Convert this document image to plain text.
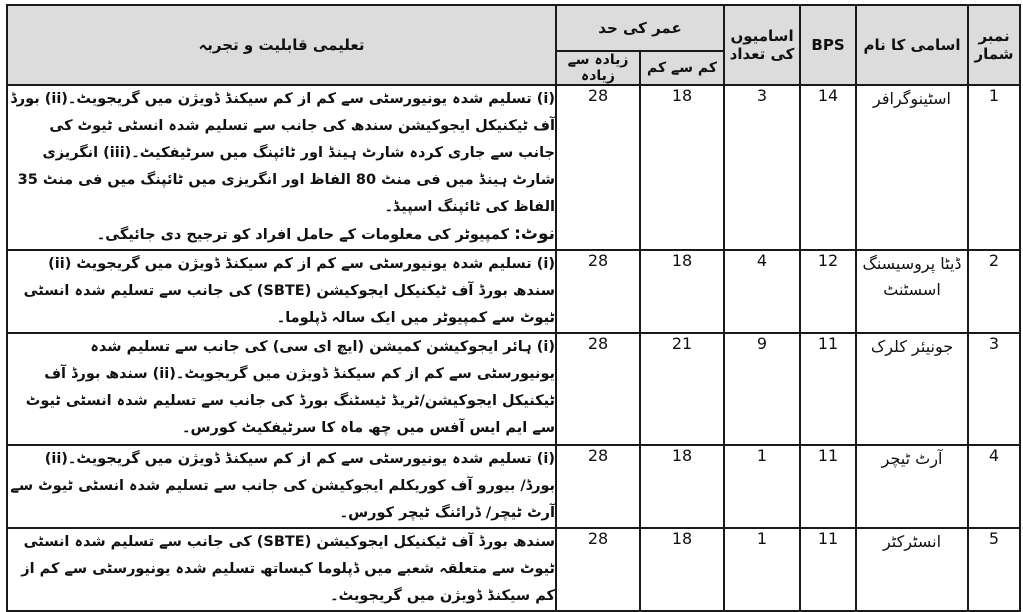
نمبر شمار	اسامی کا نام	BPS	اسامیوں کی تعداد	عمر کی حد		تعلیمی قابلیت و تجربہ
				کم سے کم	زیادہ سے زیادہ	
1	اسٹینوگرافر	14	3	18	28	(i) تسلیم شدہ یونیورسٹی سے کم از کم سیکنڈ ڈویژن میں گریجویٹ۔(ii) بورڈ آف ٹیکنیکل ایجوکیشن سندھ کی جانب سے تسلیم شدہ انسٹی ٹیوٹ کی جانب سے جاری کردہ شارٹ ہینڈ اور ٹائپنگ میں سرٹیفکیٹ۔(iii) انگریزی شارٹ ہینڈ میں فی منٹ 80 الفاظ اور انگریزی میں ٹائپنگ میں فی منٹ 35 الفاظ کی ٹائپنگ اسپیڈ۔
نوٹ: کمپیوٹر کی معلومات کے حامل افراد کو ترجیح دی جائیگی۔

2	ڈیٹا پروسیسنگ اسسٹنٹ	12	4	18	28	(i) تسلیم شدہ یونیورسٹی سے کم از کم سیکنڈ ڈویژن میں گریجویٹ (ii) سندھ بورڈ آف ٹیکنیکل ایجوکیشن (SBTE) کی جانب سے تسلیم شدہ انسٹی ٹیوٹ سے کمپیوٹر میں ایک سالہ ڈپلوما۔
3	جونیئر کلرک	11	9	21	28	(i) ہائر ایجوکیشن کمیشن (ایچ ای سی) کی جانب سے تسلیم شدہ یونیورسٹی سے کم از کم سیکنڈ ڈویژن میں گریجویٹ۔(ii) سندھ بورڈ آف ٹیکنیکل ایجوکیشن/ٹریڈ ٹیسٹنگ بورڈ کی جانب سے تسلیم شدہ انسٹی ٹیوٹ سے ایم ایس آفس میں چھ ماہ کا سرٹیفکیٹ کورس۔
4	آرٹ ٹیچر	11	1	18	28	(i) تسلیم شدہ یونیورسٹی سے کم از کم سیکنڈ ڈویژن میں گریجویٹ۔(ii) بورڈ/ بیورو آف کوریکلم ایجوکیشن کی جانب سے تسلیم شدہ انسٹی ٹیوٹ سے آرٹ ٹیچر/ ڈرائنگ ٹیچر کورس۔
5	انسٹرکٹر	11	1	18	28	سندھ بورڈ آف ٹیکنیکل ایجوکیشن (SBTE) کی جانب سے تسلیم شدہ انسٹی ٹیوٹ سے متعلقہ شعبے میں ڈپلوما کیساتھ تسلیم شدہ یونیورسٹی سے کم از کم سیکنڈ ڈویژن میں گریجویٹ۔
